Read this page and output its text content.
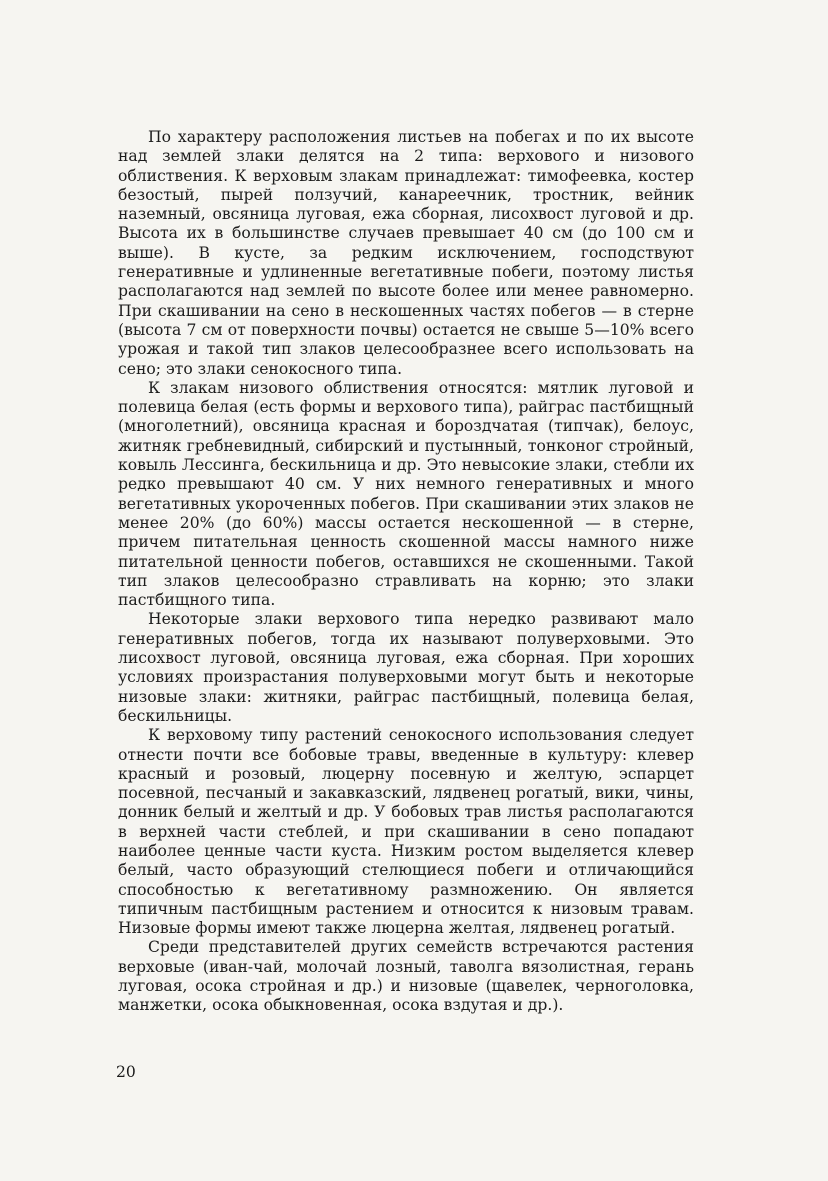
По характеру расположения листьев на побегах и по их высоте над землей злаки делятся на 2 типа: верхового и низового облиствения. К верховым злакам принадлежат: тимофеевка, костер безостый, пырей ползучий, канареечник, тростник, вейник наземный, овсяница луговая, ежа сборная, лисохвост луговой и др. Высота их в большинстве случаев превышает 40 см (до 100 см и выше). В кусте, за редким исключением, господствуют генеративные и удлиненные вегетативные побеги, поэтому листья располагаются над землей по высоте более или менее равномерно. При скашивании на сено в нескошенных частях побегов — в стерне (высота 7 см от поверхности почвы) остается не свыше 5—10% всего урожая и такой тип злаков целесообразнее всего использовать на сено; это злаки сенокосного типа.

К злакам низового облиствения относятся: мятлик луговой и полевица белая (есть формы и верхового типа), райграс пастбищный (многолетний), овсяница красная и бороздчатая (типчак), белоус, житняк гребневидный, сибирский и пустынный, тонконог стройный, ковыль Лессинга, бескильница и др. Это невысокие злаки, стебли их редко превышают 40 см. У них немного генеративных и много вегетативных укороченных побегов. При скашивании этих злаков не менее 20% (до 60%) массы остается нескошенной — в стерне, причем питательная ценность скошенной массы намного ниже питательной ценности побегов, оставшихся не скошенными. Такой тип злаков целесообразно стравливать на корню; это злаки пастбищного типа.

Некоторые злаки верхового типа нередко развивают мало генеративных побегов, тогда их называют полуверховыми. Это лисохвост луговой, овсяница луговая, ежа сборная. При хороших условиях произрастания полуверховыми могут быть и некоторые низовые злаки: житняки, райграс пастбищный, полевица белая, бескильницы.

К верховому типу растений сенокосного использования следует отнести почти все бобовые травы, введенные в культуру: клевер красный и розовый, люцерну посевную и желтую, эспарцет посевной, песчаный и закавказский, лядвенец рогатый, вики, чины, донник белый и желтый и др. У бобовых трав листья располагаются в верхней части стеблей, и при скашивании в сено попадают наиболее ценные части куста. Низким ростом выделяется клевер белый, часто образующий стелющиеся побеги и отличающийся способностью к вегетативному размножению. Он является типичным пастбищным растением и относится к низовым травам. Низовые формы имеют также люцерна желтая, лядвенец рогатый.

Среди представителей других семейств встречаются растения верховые (иван-чай, молочай лозный, таволга вязолистная, герань луговая, осока стройная и др.) и низовые (щавелек, черноголовка, манжетки, осока обыкновенная, осока вздутая и др.).

20
